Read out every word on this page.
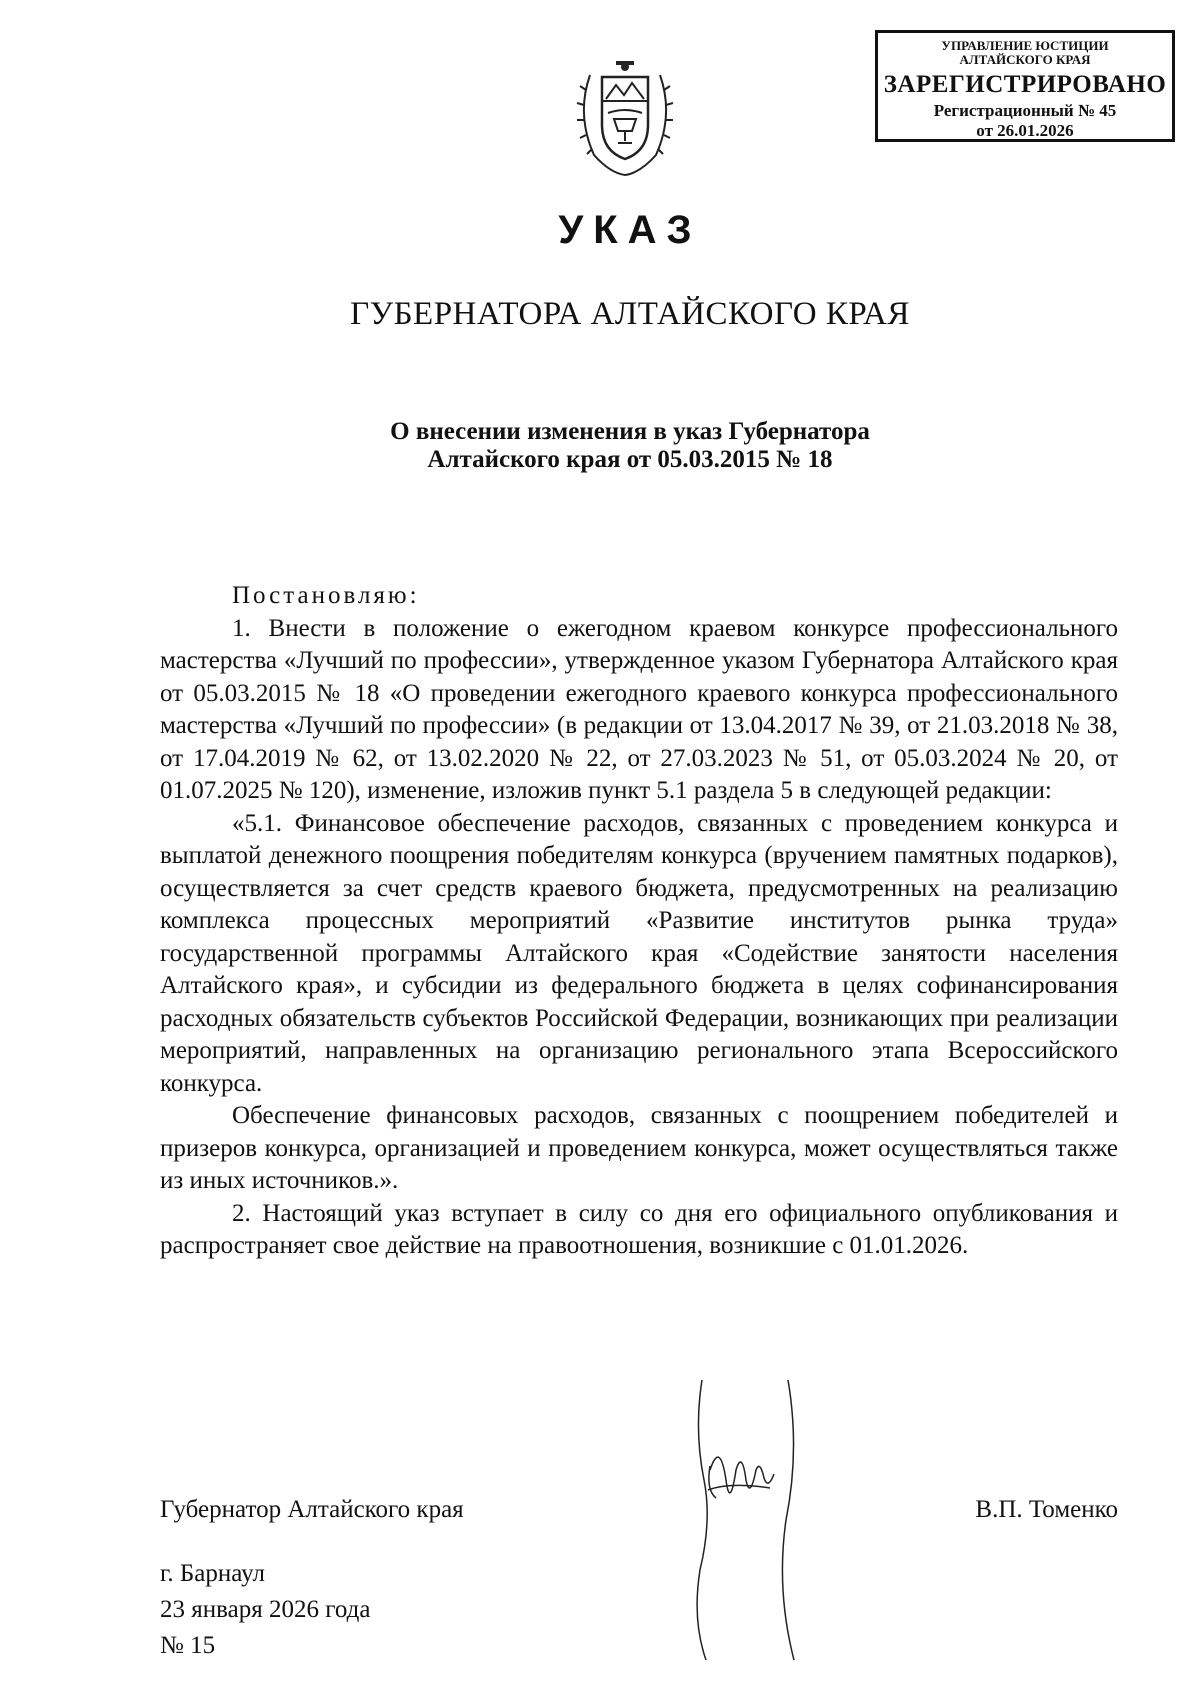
УПРАВЛЕНИЕ ЮСТИЦИИ
АЛТАЙСКОГО КРАЯ
ЗАРЕГИСТРИРОВАНО
Регистрационный № 45
от 26.01.2026
УКАЗ
ГУБЕРНАТОРА АЛТАЙСКОГО КРАЯ
О внесении изменения в указ Губернатора
Алтайского края от 05.03.2015 № 18

Постановляю:

1. Внести в положение о ежегодном краевом конкурсе профессионального мастерства «Лучший по профессии», утвержденное указом Губернатора Алтайского края от 05.03.2015 № 18 «О проведении ежегодного краевого конкурса профессионального мастерства «Лучший по профессии» (в редакции от 13.04.2017 № 39, от 21.03.2018 № 38, от 17.04.2019 № 62, от 13.02.2020 № 22, от 27.03.2023 № 51, от 05.03.2024 № 20, от 01.07.2025 № 120), изменение, изложив пункт 5.1 раздела 5 в следующей редакции:

«5.1. Финансовое обеспечение расходов, связанных с проведением конкурса и выплатой денежного поощрения победителям конкурса (вручением памятных подарков), осуществляется за счет средств краевого бюджета, предусмотренных на реализацию комплекса процессных мероприятий «Развитие институтов рынка труда» государственной программы Алтайского края «Содействие занятости населения Алтайского края», и субсидии из федерального бюджета в целях софинансирования расходных обязательств субъектов Российской Федерации, возникающих при реализации мероприятий, направленных на организацию регионального этапа Всероссийского конкурса.

Обеспечение финансовых расходов, связанных с поощрением победителей и призеров конкурса, организацией и проведением конкурса, может осуществляться также из иных источников.».

2. Настоящий указ вступает в силу со дня его официального опубликования и распространяет свое действие на правоотношения, возникшие с 01.01.2026.

Губернатор Алтайского края	В.П. Томенко
г. Барнаул
23 января 2026 года
№ 15
